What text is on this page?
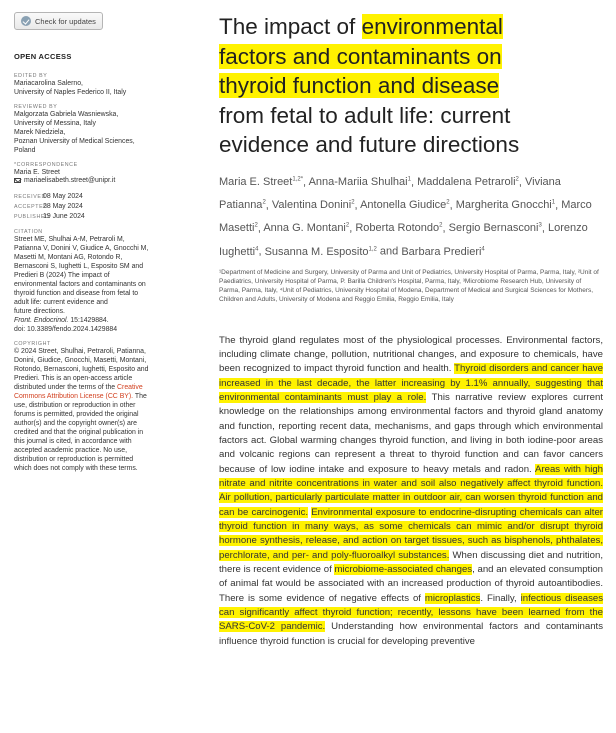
Check for updates
OPEN ACCESS
EDITED BY
Mariacarolina Salerno,
University of Naples Federico II, Italy
REVIEWED BY
Malgorzata Gabriela Wasniewska,
University of Messina, Italy
Marek Niedziela,
Poznan University of Medical Sciences,
Poland
*CORRESPONDENCE
Maria E. Street
mariaelisabeth.street@unipr.it
RECEIVED
08 May 2024
ACCEPTED
28 May 2024
PUBLISHED
19 June 2024
CITATION
Street ME, Shulhai A-M, Petraroli M,
Patianna V, Donini V, Giudice A, Gnocchi M,
Masetti M, Montani AG, Rotondo R,
Bernasconi S, Iughetti L, Esposito SM and
Predieri B (2024) The impact of
environmental factors and contaminants on
thyroid function and disease from fetal to
adult life: current evidence and
future directions.
Front. Endocrinol. 15:1429884.
doi: 10.3389/fendo.2024.1429884
COPYRIGHT
© 2024 Street, Shulhai, Petraroli, Patianna,
Donini, Giudice, Gnocchi, Masetti, Montani,
Rotondo, Bernasconi, Iughetti, Esposito and
Predieri. This is an open-access article
distributed under the terms of the Creative
Commons Attribution License (CC BY). The
use, distribution or reproduction in other
forums is permitted, provided the original
author(s) and the copyright owner(s) are
credited and that the original publication in
this journal is cited, in accordance with
accepted academic practice. No use,
distribution or reproduction is permitted
which does not comply with these terms.
The impact of environmental
factors and contaminants on
thyroid function and disease
from fetal to adult life: current
evidence and future directions
Maria E. Street$^{1,2*}$, Anna-Mariia Shulhai$^1$, Maddalena Petraroli$^2$, Viviana Patianna$^2$, Valentina Donini$^2$, Antonella Giudice$^2$, Margherita Gnocchi$^1$, Marco Masetti$^2$, Anna G. Montani$^2$, Roberta Rotondo$^2$, Sergio Bernasconi$^3$, Lorenzo Iughetti$^4$, Susanna M. Esposito$^{1,2}$ and Barbara Predieri$^4$
¹Department of Medicine and Surgery, University of Parma and Unit of Pediatrics, University Hospital of Parma, Parma, Italy, ²Unit of Paediatrics, University Hospital of Parma, P. Barilla Children's Hospital, Parma, Italy, ³Microbiome Research Hub, University of Parma, Parma, Italy, ⁴Unit of Pediatrics, University Hospital of Modena, Department of Medical and Surgical Sciences for Mothers, Children and Adults, University of Modena and Reggio Emilia, Reggio Emilia, Italy
The thyroid gland regulates most of the physiological processes. Environmental factors, including climate change, pollution, nutritional changes, and exposure to chemicals, have been recognized to impact thyroid function and health. Thyroid disorders and cancer have increased in the last decade, the latter increasing by 1.1% annually, suggesting that environmental contaminants must play a role. This narrative review explores current knowledge on the relationships among environmental factors and thyroid gland anatomy and function, reporting recent data, mechanisms, and gaps through which environmental factors act. Global warming changes thyroid function, and living in both iodine-poor areas and volcanic regions can represent a threat to thyroid function and can favor cancers because of low iodine intake and exposure to heavy metals and radon. Areas with high nitrate and nitrite concentrations in water and soil also negatively affect thyroid function. Air pollution, particularly particulate matter in outdoor air, can worsen thyroid function and can be carcinogenic. Environmental exposure to endocrine-disrupting chemicals can alter thyroid function in many ways, as some chemicals can mimic and/or disrupt thyroid hormone synthesis, release, and action on target tissues, such as bisphenols, phthalates, perchlorate, and per- and poly-fluoroalkyl substances. When discussing diet and nutrition, there is recent evidence of microbiome-associated changes, and an elevated consumption of animal fat would be associated with an increased production of thyroid autoantibodies. There is some evidence of negative effects of microplastics. Finally, infectious diseases can significantly affect thyroid function; recently, lessons have been learned from the SARS-CoV-2 pandemic. Understanding how environmental factors and contaminants influence thyroid function is crucial for developing preventive
